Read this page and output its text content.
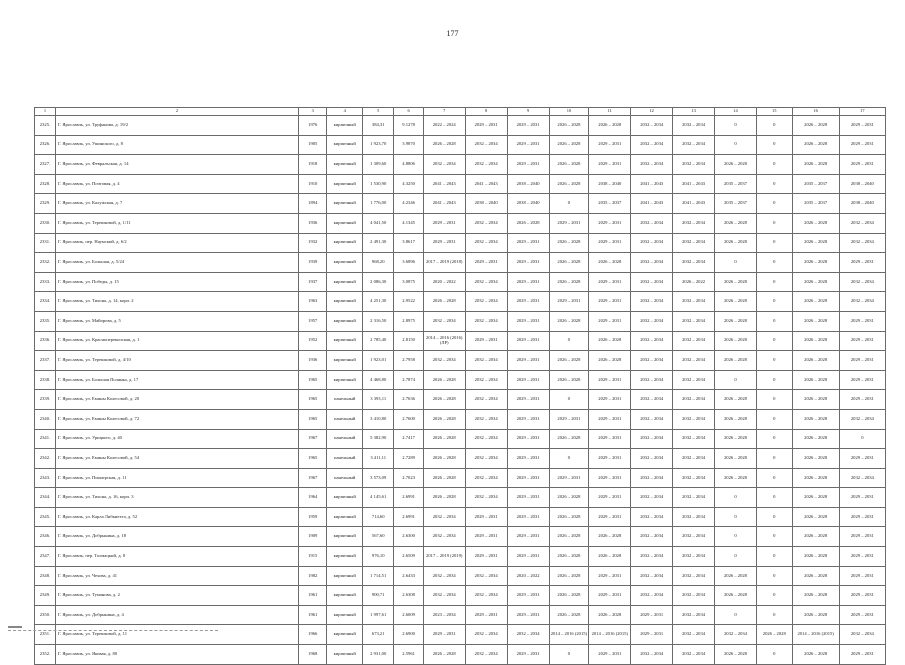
177
1	2	3	4	5	6	7	8	9	10	11	12	13	14	15	16	17
2325.	Г. Ярославль, ул. Труфанова, д. 19/2	1976	кирпичный	384,31	9.1278	2022 – 2024	2029 – 2031	2029 – 2031	2026 – 2028	2026 – 2028	2032 – 2034	2032 – 2034	0	0	2026 – 2028	2029 – 2031
2326.	Г. Ярославль, ул. Ушинского, д. 8	1905	кирпичный	1 923,70	3.9870	2026 – 2028	2032 – 2034	2029 – 2031	2026 – 2028	2029 – 2031	2032 – 2034	2032 – 2034	0	0	2026 – 2028	2029 – 2031
2327.	Г. Ярославль, ул. Февральская, д. 14	1918	кирпичный	1 309,60	4.8806	2032 – 2034	2032 – 2034	2029 – 2031	2026 – 2028	2029 – 2031	2032 – 2034	2032 – 2034	2026 – 2028	0	2026 – 2028	2029 – 2031
2328.	Г. Ярославль, ул. Почтовая, д. 4	1910	кирпичный	1 530,90	4.3250	2041 – 2043	2041 – 2043	2038 – 2040	2026 – 2028	2038 – 2040	2041 – 2043	2041 – 2043	2035 – 2037	0	2035 – 2037	2038 – 2040
2329.	Г. Ярославль, ул. Калужская, д. 7	1894	кирпичный	1 776,00	4.2346	2041 – 2043	2038 – 2040	2038 – 2040	0	2035 – 2037	2041 – 2043	2041 – 2043	2035 – 2037	0	2035 – 2037	2038 – 2040
2330.	Г. Ярославль, ул. Терешковой, д. 1/11	1936	кирпичный	4 041,50	4.1345	2029 – 2031	2032 – 2034	2026 – 2028	2029 – 2031	2029 – 2031	2032 – 2034	2032 – 2034	2026 – 2028	0	2026 – 2028	2032 – 2034
2331.	Г. Ярославль, пер. Наумский, д. 6/2	1932	кирпичный	2 491,30	3.8617	2029 – 2031	2032 – 2034	2029 – 2031	2026 – 2028	2029 – 2031	2032 – 2034	2032 – 2034	2026 – 2028	0	2026 – 2028	2032 – 2034
2332.	Г. Ярославль, ул. Большая, д. 5/24	1939	кирпичный	968,20	3.6896	2017 – 2019 (2018)	2029 – 2031	2029 – 2031	2026 – 2028	2026 – 2028	2032 – 2034	2032 – 2034	0	0	2026 – 2028	2029 – 2031
2333.	Г. Ярославль, ул. Победы, д. 15	1937	кирпичный	2 086,30	3.0875	2020 – 2022	2032 – 2034	2029 – 2031	2026 – 2028	2029 – 2031	2032 – 2034	2026 – 2022	2026 – 2028	0	2026 – 2028	2032 – 2034
2334.	Г. Ярославль, ул. Тихона, д. 14, корп. 2	1963	кирпичный	4 251,30	2.9522	2026 – 2028	2032 – 2034	2029 – 2031	2029 – 2031	2029 – 2031	2032 – 2034	2032 – 2034	2026 – 2028	0	2026 – 2028	2032 – 2034
2335.	Г. Ярославль, ул. Майорова, д. 5	1957	кирпичный	2 316,50	2.8975	2032 – 2034	2032 – 2034	2029 – 2031	2026 – 2028	2029 – 2031	2032 – 2034	2032 – 2034	2026 – 2028	0	2026 – 2028	2029 – 2031
2336.	Г. Ярославль, ул. Красноперекопская, д. 1	1952	кирпичный	2 785,40	2.8150	2014 – 2016 (2016) (ЛР)	2029 – 2031	2029 – 2031	0	2026 – 2028	2032 – 2034	2032 – 2034	2026 – 2028	0	2026 – 2028	2029 – 2031
2337.	Г. Ярославль, ул. Терешковой, д. 4/10	1936	кирпичный	1 923,01	2.7958	2032 – 2034	2032 – 2034	2029 – 2031	2026 – 2028	2026 – 2028	2032 – 2034	2032 – 2034	2026 – 2028	0	2026 – 2028	2029 – 2031
2338.	Г. Ярославль, ул. Большая Полянка, д. 17	1965	кирпичный	4 468,80	2.7874	2026 – 2028	2032 – 2034	2029 – 2031	2026 – 2028	2029 – 2031	2032 – 2034	2032 – 2034	0	0	2026 – 2028	2029 – 2031
2339.	Г. Ярославль, ул. Емины Колесовой, д. 20	1965	панельный	3 393,11	2.7636	2026 – 2028	2032 – 2034	2029 – 2031	0	2029 – 2031	2032 – 2034	2032 – 2034	2026 – 2028	0	2026 – 2028	2029 – 2031
2340.	Г. Ярославль, ул. Емины Колесовой, д. 72	1965	панельный	3 410,80	2.7600	2026 – 2028	2032 – 2034	2029 – 2031	2029 – 2031	2029 – 2031	2032 – 2034	2032 – 2034	2026 – 2028	0	2026 – 2028	2032 – 2034
2341.	Г. Ярославль, ул. Урицкого, д. 40	1967	панельный	5 382,90	2.7417	2026 – 2028	2032 – 2034	2029 – 2031	2026 – 2028	2029 – 2031	2032 – 2034	2032 – 2034	2026 – 2028	0	2026 – 2028	0
2342.	Г. Ярославль, ул. Емины Колесовой, д. 54	1965	панельный	3 411,11	2.7289	2026 – 2028	2032 – 2034	2029 – 2031	0	2029 – 2031	2032 – 2034	2032 – 2034	2026 – 2028	0	2026 – 2028	2029 – 2031
2343.	Г. Ярославль, ул. Пионерская, д. 11	1967	панельный	3 573,09	2.7023	2026 – 2028	2032 – 2034	2029 – 2031	2029 – 2031	2029 – 2031	2032 – 2034	2032 – 2034	2026 – 2028	0	2026 – 2028	2032 – 2034
2344.	Г. Ярославль, ул. Тихона, д. 16, корп. 3	1964	кирпичный	4 145,61	2.6991	2026 – 2028	2032 – 2034	2029 – 2031	2026 – 2028	2029 – 2031	2032 – 2034	2032 – 2034	0	0	2026 – 2028	2029 – 2031
2345.	Г. Ярославль, ул. Карла Либкнехта, д. 52	1959	кирпичный	714,60	2.6991	2032 – 2034	2029 – 2031	2029 – 2031	2026 – 2028	2029 – 2031	2032 – 2034	2032 – 2034	0	0	2026 – 2028	2029 – 2031
2346.	Г. Ярославль, ул. Добрынина, д. 18	1909	кирпичный	567,60	2.6300	2032 – 2034	2029 – 2031	2029 – 2031	2026 – 2028	2026 – 2028	2032 – 2034	2032 – 2034	0	0	2026 – 2028	2029 – 2031
2347.	Г. Ярославль, пер. Толмацкий, д. 8	1915	кирпичный	976,10	2.6509	2017 – 2019 (2019)	2029 – 2031	2029 – 2031	2026 – 2028	2026 – 2028	2032 – 2034	2032 – 2034	0	0	2026 – 2028	2029 – 2031
2348.	Г. Ярославль, ул. Чехова, д. 41	1982	кирпичный	1 714,51	2.6433	2032 – 2034	2032 – 2034	2020 – 2022	2026 – 2028	2029 – 2031	2032 – 2034	2032 – 2034	2026 – 2028	0	2026 – 2028	2029 – 2031
2349.	Г. Ярославль, ул. Туманова, д. 2	1961	кирпичный	900,71	2.6308	2032 – 2034	2032 – 2034	2029 – 2031	2026 – 2028	2029 – 2031	2032 – 2034	2032 – 2034	2026 – 2028	0	2026 – 2028	2029 – 2031
2350.	Г. Ярославль, ул. Добрынина, д. 4	1961	кирпичный	1 997,61	2.6009	2023 – 2034	2029 – 2031	2029 – 2031	2026 – 2028	2026 – 2028	2029 – 2031	2032 – 2034	0	0	2026 – 2028	2029 – 2031
2351.	Г. Ярославль, ул. Терешковой, д. 11	1966	кирпичный	673,21	2.6900	2029 – 2031	2032 – 2034	2032 – 2034	2014 – 2016 (2015)	2014 – 2016 (2015)	2029 – 2031	2032 – 2034	2032 – 2034	2026 – 2028	2014 – 2016 (2015)	2032 – 2034
2352.	Г. Ярославль, ул. Яковая, д. 80	1968	кирпичный	2 931,00	2.5961	2026 – 2028	2032 – 2034	2029 – 2031	0	2029 – 2031	2032 – 2034	2032 – 2034	2026 – 2028	0	2026 – 2028	2029 – 2031
